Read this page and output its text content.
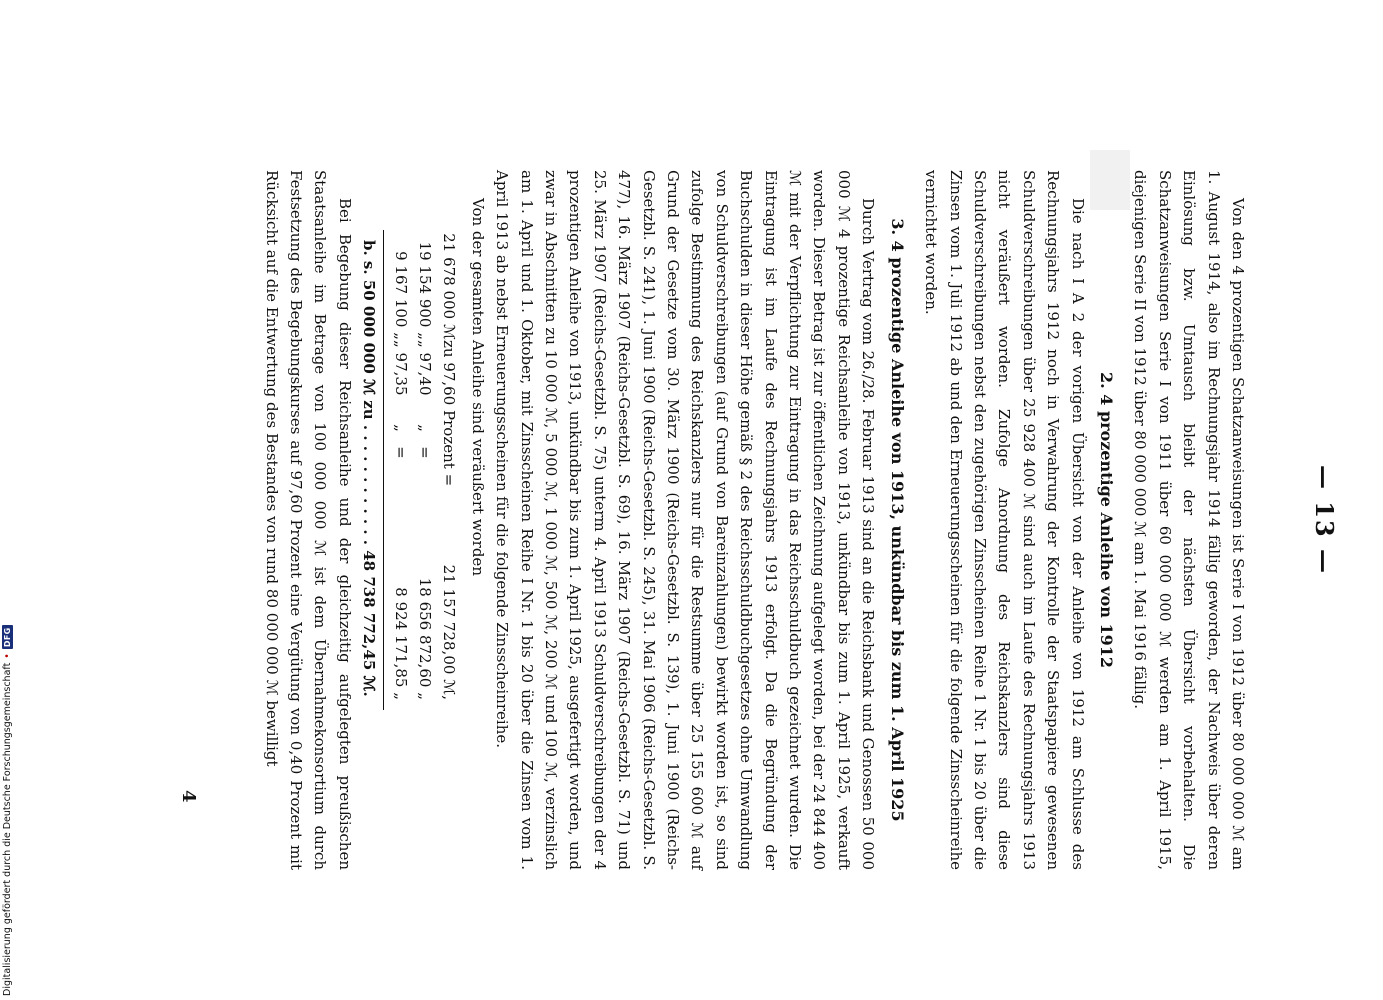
— 13 —

Von den 4 prozentigen Schatzanweisungen ist Serie I von 1912 über 80 000 000 ℳ am 1. August 1914, also im Rechnungsjahr 1914 fällig geworden, der Nachweis über deren Einlösung bzw. Umtausch bleibt der nächsten Übersicht vorbehalten. Die Schatzanweisungen Serie I von 1911 über 60 000 000 ℳ werden am 1. April 1915, diejenigen Serie II von 1912 über 80 000 000 ℳ am 1. Mai 1916 fällig.

2. 4 prozentige Anleihe von 1912

Die nach I A 2 der vorigen Übersicht von der Anleihe von 1912 am Schlusse des Rechnungsjahrs 1912 noch in Verwahrung der Kontrolle der Staatspapiere gewesenen Schuldverschreibungen über 25 928 400 ℳ sind auch im Laufe des Rechnungsjahrs 1913 nicht veräußert worden. Zufolge Anordnung des Reichskanzlers sind diese Schuldverschreibungen nebst den zugehörigen Zinsscheinen Reihe 1 Nr. 1 bis 20 über die Zinsen vom 1. Juli 1912 ab und den Erneuerungsscheinen für die folgende Zinsscheinreihe vernichtet worden.

3. 4 prozentige Anleihe von 1913, unkündbar bis zum 1. April 1925

Durch Vertrag vom 26./28. Februar 1913 sind an die Reichsbank und Genossen 50 000 000 ℳ 4 prozentige Reichsanleihe von 1913, unkündbar bis zum 1. April 1925, verkauft worden. Dieser Betrag ist zur öffentlichen Zeichnung aufgelegt worden, bei der 24 844 400 ℳ mit der Verpflichtung zur Eintragung in das Reichsschuldbuch gezeichnet wurden. Die Eintragung ist im Laufe des Rechnungsjahrs 1913 erfolgt. Da die Begründung der Buchschulden in dieser Höhe gemäß § 2 des Reichsschuldbuchgesetzes ohne Umwandlung von Schuldverschreibungen (auf Grund von Bareinzahlungen) bewirkt worden ist, so sind zufolge Bestimmung des Reichskanzlers nur für die Restsumme über 25 155 600 ℳ auf Grund der Gesetze vom 30. März 1900 (Reichs-Gesetzbl. S. 139), 1. Juni 1900 (Reichs-Gesetzbl. S. 241), 1. Juni 1900 (Reichs-Gesetzbl. S. 245), 31. Mai 1906 (Reichs-Gesetzbl. S. 477), 16. März 1907 (Reichs-Gesetzbl. S. 69), 16. März 1907 (Reichs-Gesetzbl. S. 71) und 25. März 1907 (Reichs-Gesetzbl. S. 75) unterm 4. April 1913 Schuldverschreibungen der 4 prozentigen Anleihe von 1913, unkündbar bis zum 1. April 1925, ausgefertigt worden, und zwar in Abschnitten zu 10 000 ℳ, 5 000 ℳ, 1 000 ℳ, 500 ℳ, 200 ℳ und 100 ℳ, verzinslich am 1. April und 1. Oktober, mit Zinsscheinen Reihe I Nr. 1 bis 20 über die Zinsen vom 1. April 1913 ab nebst Erneuerungsscheinen für die folgende Zinsscheinreihe.

Von der gesamten Anleihe sind veräußert worden

21 678 000 ℳ
zu 97,60 Prozent =
21 157 728,00 ℳ,
19 154 900 „
„ 97,40      „   =
18 656 872,60 „
9 167 100 „
„ 97,35      „   =
8 924 171,85 „
b. s. 50 000 000 ℳ zu . . . . . . . . . . . . 48 738 772,45 ℳ.

Bei Begebung dieser Reichsanleihe und der gleichzeitig aufgelegten preußischen Staatsanleihe im Betrage von 100 000 000 ℳ ist dem Übernahmekonsortium durch Festsetzung des Begebungskurses auf 97,60 Prozent eine Vergütung von 0,40 Prozent mit Rücksicht auf die Entwertung des Bestandes von rund 80 000 000 ℳ bewilligt

4
Digitalisierung gefördert durch die Deutsche Forschungsgemeinschaft
•
DFG
